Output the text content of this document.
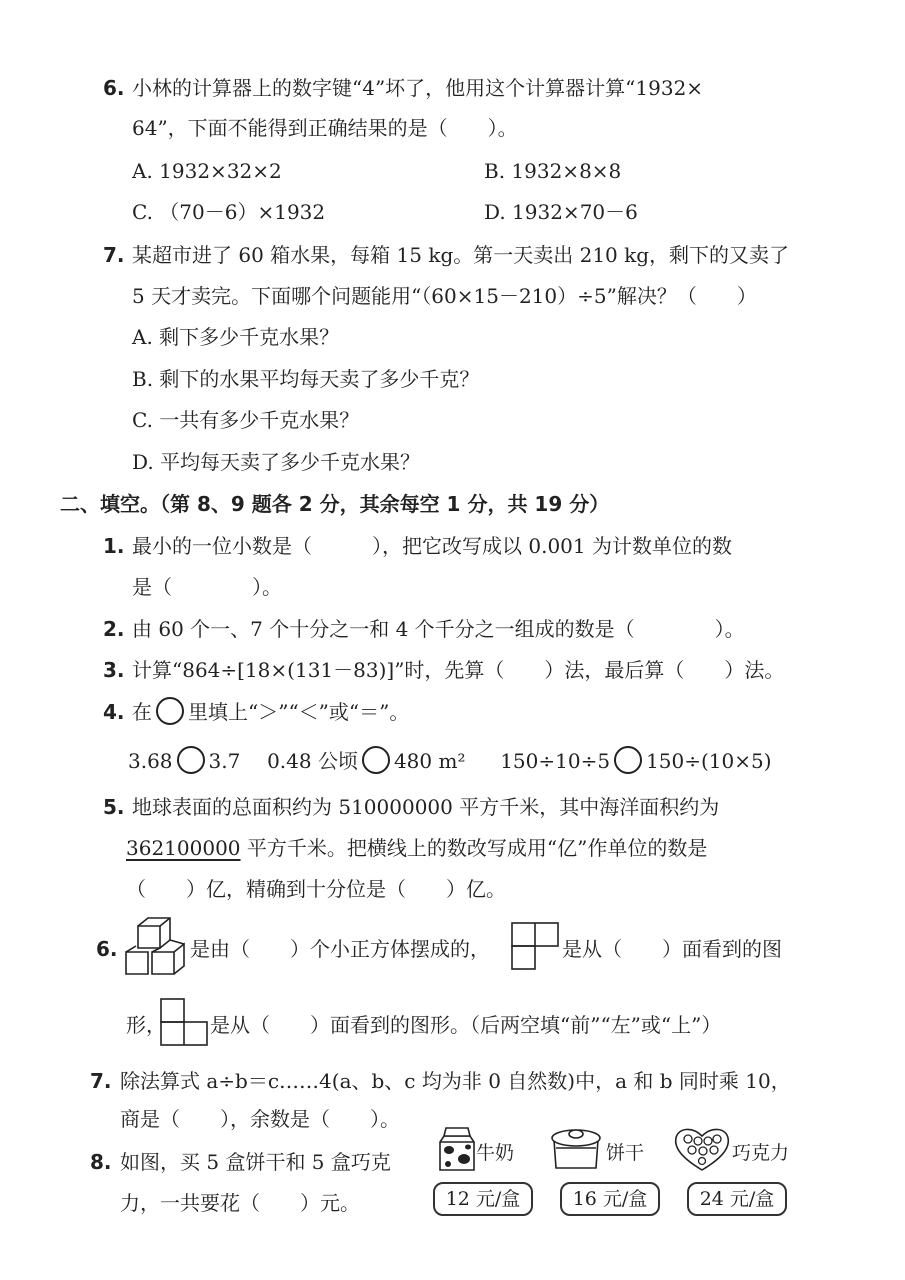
6. 小林的计算器上的数字键“4”坏了，他用这个计算器计算“1932×
64”，下面不能得到正确结果的是（　　）。
A. 1932×32×2	B. 1932×8×8
C. （70－6）×1932	D. 1932×70－6
7. 某超市进了 60 箱水果，每箱 15 kg。第一天卖出 210 kg，剩下的又卖了
5 天才卖完。下面哪个问题能用“（60×15－210）÷5”解决？（　　）
A. 剩下多少千克水果？
B. 剩下的水果平均每天卖了多少千克？
C. 一共有多少千克水果？
D. 平均每天卖了多少千克水果？
二、填空。（第 8、9 题各 2 分，其余每空 1 分，共 19 分）
1. 最小的一位小数是（　　　），把它改写成以 0.001 为计数单位的数
是（　　　　）。
2. 由 60 个一、7 个十分之一和 4 个千分之一组成的数是（　　　　）。
3. 计算“864÷[18×(131－83)]”时，先算（　　）法，最后算（　　）法。
4. 在 里填上“＞”“＜”或“＝”。
3.68 3.7 0.48 公顷 480 m² 150÷10÷5 150÷(10×5)
5. 地球表面的总面积约为 510000000 平方千米，其中海洋面积约为
362100000 平方千米。把横线上的数改写成用“亿”作单位的数是
（　　）亿，精确到十分位是（　　）亿。
6.	是由（　　）个小正方体摆成的，	是从（　　）面看到的图
形， 是从（　　）面看到的图形。（后两空填“前”“左”或“上”）
7. 除法算式 a÷b＝c……4(a、b、c 均为非 0 自然数)中，a 和 b 同时乘 10，
商是（　　），余数是（　　）。
8. 如图，买 5 盒饼干和 5 盒巧克
力，一共要花（　　）元。
牛奶	饼干	巧克力
12 元/盒	16 元/盒	24 元/盒
